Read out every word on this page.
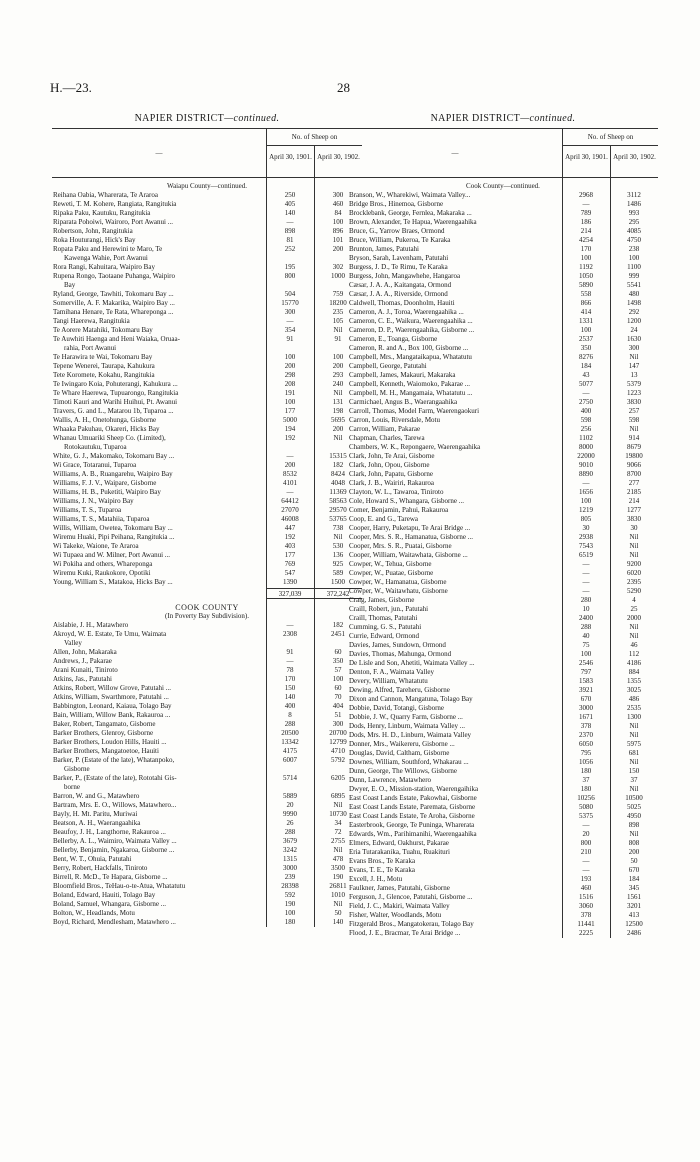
H.—23.	28
NAPIER DISTRICT—continued.
—
No. of Sheep on
April 30, 1901. April 30, 1902.
Waiapu County—continued.
Reihana Oabia, Wharerata, Te Araroa	250	300
Reweti, T. M. Kohere, Rangiata, Rangitukia	405	460
Ripaka Paku, Kautuku, Rangitukia	140	84
Riparata Pohoiwi, Wairoro, Port Awanui ...	—	100
Robertson, John, Rangitukia	898	896
Roka Houturangi, Hick's Bay	81	101
Ropata Paku and Herewini te Maro, Te	252	200
Kawenga Wahie, Port Awanui
Rora Rangi, Kahuitara, Waipiro Bay	195	302
Rupena Rongo, Taotaane Puhanga, Waipiro	800	1000
Bay
Ryland, George, Tawhiti, Tokomaru Bay ...	504	759
Somerville, A. F. Makarika, Waipiro Bay ...	15770	18200
Tamihana Henare, Te Rata, Whareponga ...	300	235
Tangi Haerewa, Rangitukia	—	105
Te Aorere Matahiki, Tokomaru Bay	354	Nil
Te Auwhiti Haenga and Heni Waiaka, Oruaa-	91	91
rahia, Port Awanui
Te Harawira te Wai, Tokomaru Bay	100	100
Tepene Wenerei, Taurapa, Kahukura	200	200
Tete Koromete, Kokahu, Rangitukia	298	293
Te Iwingaro Koia, Pohuterangi, Kahukura ...	208	240
Te Whare Haerewa, Tupuarongo, Rangitukia	191	Nil
Timoti Kauri and Warihi Huihui, Pt. Awanui	100	131
Travers, G. and L., Matarou 1b, Tuparoa ...	177	198
Wallis, A. H., Onetohunga, Gisborne	5000	5695
Whaaka Pakuhau, Okareri, Hicks Bay	194	200
Whanau Umuariki Sheep Co. (Limited),	192	Nil
Rotokautuku, Tuparoa
White, G. J., Makomako, Tokomaru Bay ...	—	15315
Wi Grace, Totaranui, Tuparoa	200	182
Williams, A. B., Ruangarehu, Waipiro Bay	8532	8424
Williams, F. J. V., Waipare, Gisborne	4101	4048
Williams, H. B., Puketiti, Waipiro Bay	—	11369
Williams, J. N., Waipiro Bay	64412	58563
Williams, T. S., Tuparoa	27070	29570
Williams, T. S., Matahiia, Tuparoa	46008	53765
Willis, William, Owetea, Tokomaru Bay ...	447	738
Wiremu Huaki, Pipi Peihana, Rangitukia ...	192	Nil
Wi Takeke, Waione, Te Araroa	403	530
Wi Tupaea and W. Milner, Port Awanui ...	177	136
Wi Pokiha and others, Whareponga	769	925
Wiremu Kuki, Raukokore, Opotiki	547	589
Young, William S., Matakoa, Hicks Bay ...	1390	1500
327,039	372,242
COOK COUNTY
(In Poverty Bay Subdivision).
Aislabie, J. H., Matawhero	—	182
Akroyd, W. E. Estate, Te Umu, Waimata	2308	2451
Valley
Allen, John, Makaraka	91	60
Andrews, J., Pakarae	—	350
Arani Kunaiti, Tiniroto	78	57
Atkins, Jas., Patutahi	170	100
Atkins, Robert, Willow Grove, Patutahi ...	150	60
Atkins, William, Swarthmore, Patutahi ...	140	70
Babbington, Leonard, Kaiaua, Tolago Bay	400	404
Bain, William, Willow Bank, Rakauroa ...	8	51
Baker, Robert, Tangamato, Gisborne	288	300
Barker Brothers, Glenroy, Gisborne	20500	20700
Barker Brothers, Loudon Hills, Hauiti ...	13342	12799
Barker Brothers, Mangatoetoe, Hauiti	4175	4710
Barker, P. (Estate of the late), Whatanpoko,	6007	5792
Gisborne
Barker, P., (Estate of the late), Rototahi Gis-	5714	6205
borne
Barron, W. and G., Matawhero	5889	6895
Bartram, Mrs. E. O., Willows, Matawhero...	20	Nil
Bayly, H. Mt. Paritu, Muriwai	9990	10730
Beatson, A. H., Waerangaahika	26	34
Beaufoy, J. H., Langthorne, Rakauroa ...	288	72
Bellerby, A. L., Waimiro, Waimata Valley ...	3679	2755
Bellerby, Benjamin, Ngakaroa, Gisborne ...	3242	Nil
Bent, W. T., Ohuia, Patutahi	1315	478
Berry, Robert, Hackfalls, Tiniroto	3000	3500
Birrell, R. McD., Te Hapara, Gisborne ...	239	190
Bloomfield Bros., TeHau-o-te-Atua, Whatatutu	28398	26811
Boland, Edward, Hauiti, Tolago Bay	592	1010
Boland, Samuel, Whangara, Gisborne ...	190	Nil
Bolton, W., Headlands, Motu	100	50
Boyd, Richard, Mendlesham, Matawhero ...	180	140
NAPIER DISTRICT—continued.
—
No. of Sheep on
April 30, 1901. April 30, 1902.
Cook County—continued.
Branson, W., Wharekiwi, Waimata Valley...	2968	3112
Bridge Bros., Hinemoa, Gisborne	—	1486
Brocklebank, George, Fernlea, Makaraka ...	789	993
Brown, Alexander, Te Hapua, Waerengaahika	186	295
Bruce, G., Yarrow Braes, Ormond	214	4085
Bruce, William, Pukeroa, Te Karaka	4254	4750
Brunton, James, Patutahi	170	238
Bryson, Sarah, Lavenham, Patutahi	100	100
Burgess, J. D., Te Rimu, Te Karaka	1192	1100
Burgess, John, Mangawhehe, Hangaroa	1050	999
Cæsar, J. A. A., Kaitangata, Ormond	5890	5541
Cæsar, J. A. A., Riverside, Ormond	558	480
Caldwell, Thomas, Doonholm, Hauiti	866	1498
Cameron, A. J., Toroa, Waerengaahika ...	414	292
Cameron, C. E., Waikura, Waerengaahika ...	1331	1200
Cameron, D. P., Waerengaahika, Gisborne ...	100	24
Cameron, E., Toanga, Gisborne	2537	1630
Cameron, R. and A., Box 100, Gisborne ...	350	300
Campbell, Mrs., Mangataikapua, Whatatutu	8276	Nil
Campbell, George, Patutahi	184	147
Campbell, James, Makauri, Makaraka	43	13
Campbell, Kenneth, Waiomoko, Pakarae ...	5077	5379
Campbell, M. H., Mangamaia, Whatatutu ...	—	1223
Carmichael, Angus B., Waerangaahika	2750	3830
Carroll, Thomas, Model Farm, Waerengaokuri	400	257
Carron, Louis, Riversdale, Motu	598	598
Carron, William, Pakarae	256	Nil
Chapman, Charles, Tarewa	1102	914
Chambers, W. K., Repongaere, Waerengaahika	8000	8679
Clark, John, Te Arai, Gisborne	22000	19800
Clark, John, Opou, Gisborne	9010	9066
Clark, John, Papatu, Gisborne	8890	8700
Clark, J. B., Wairiri, Rakauroa	—	277
Clayton, W. L., Tawaroa, Tiniroto	1656	2185
Cole, Howard S., Whangara, Gisborne ...	100	214
Comer, Benjamin, Pahui, Rakauroa	1219	1277
Coop, E. and G., Tarewa	805	3830
Cooper, Harry, Puketapu, Te Arai Bridge ...	30	30
Cooper, Mrs. S. R., Hamanatua, Gisborne ...	2938	Nil
Cooper, Mrs. S. R., Puatai, Gisborne	7543	Nil
Cooper, William, Waitawhata, Gisborne ...	6519	Nil
Cowper, W., Tehua, Gisborne	—	9200
Cowper, W., Puatae, Gisborne	—	6020
Cowper, W., Hamanatua, Gisborne	—	2395
Cowper, W., Waitawhatu, Gisborne	—	5290
Craig, James, Gisborne	280	4
Craill, Robert, jun., Patutahi	10	25
Craill, Thomas, Patutahi	2400	2000
Cumming, G. S., Patutahi	288	Nil
Currie, Edward, Ormond	40	Nil
Davies, James, Sundown, Ormond	75	46
Davies, Thomas, Mahunga, Ormond	100	112
De Lisle and Son, Ahetiti, Waimata Valley ...	2546	4186
Denton, F. A., Waimata Valley	797	884
Devery, William, Whatatutu	1583	1355
Dewing, Alfred, Tareheru, Gisborne	3921	3025
Dixon and Cannon, Mangatuna, Tolago Bay	670	486
Dobbie, David, Totangi, Gisborne	3000	2535
Dobbie, J. W., Quarry Farm, Gisborne ...	1671	1300
Dods, Henry, Linburn, Waimata Valley ...	378	Nil
Dods, Mrs. H. D., Linburn, Waimata Valley	2370	Nil
Donner, Mrs., Waikereru, Gisborne ...	6050	5975
Douglas, David, Caltham, Gisborne	795	681
Downes, William, Southford, Whakarau ...	1056	Nil
Dunn, George, The Willows, Gisborne	180	150
Dunn, Lawrence, Matawhero	37	37
Dwyer, E. O., Mission-station, Waerengaihika	180	Nil
East Coast Lands Estate, Pakowhai, Gisborne	10256	10500
East Coast Lands Estate, Paremata, Gisborne	5080	5025
East Coast Lands Estate, Te Aroha, Gisborne	5375	4950
Easterbrook, George, Te Puninga, Wharerata	—	898
Edwards, Wm., Parihimanihi, Waerengaahika	20	Nil
Elmers, Edward, Oakhurst, Pakarae	800	808
Eria Tutarakanika, Tuahu, Ruakituri	210	200
Evans Bros., Te Karaka	—	50
Evans, T. E., Te Karaka	—	670
Excell, J. H., Motu	193	184
Faulkner, James, Patutahi, Gisborne	460	345
Ferguson, J., Glencoe, Patutahi, Gisborne ...	1516	1561
Field, J. C., Makiri, Waimata Valley	3060	3201
Fisher, Walter, Woodlands, Motu	378	413
Fitzgerald Bros., Mangatokerau, Tolago Bay	11441	12500
Flood, J. E., Bracmar, Te Arai Bridge ...	2225	2486
